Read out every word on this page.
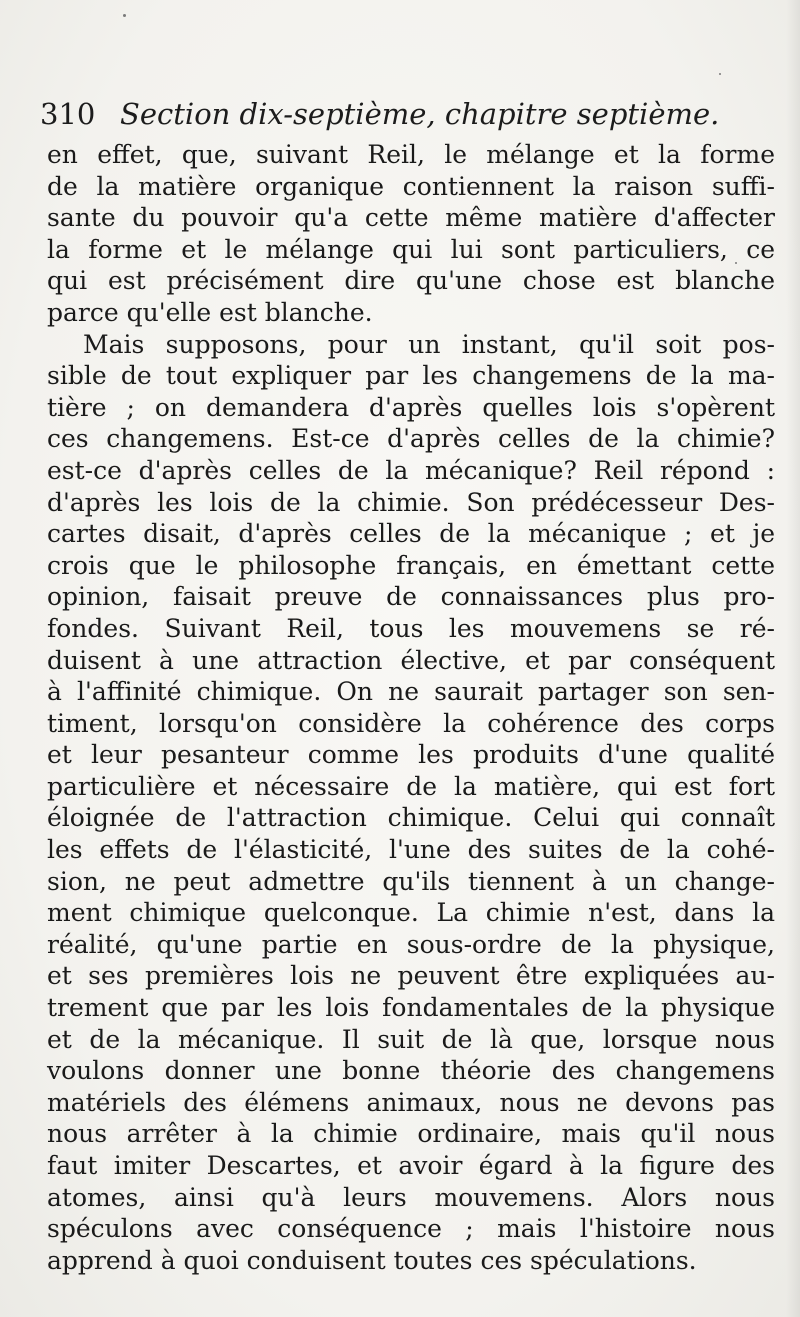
310 Section dix-septième, chapitre septième.
en effet, que, suivant Reil, le mélange et la forme
de la matière organique contiennent la raison suffi-
sante du pouvoir qu'a cette même matière d'affecter
la forme et le mélange qui lui sont particuliers, ce
qui est précisément dire qu'une chose est blanche
parce qu'elle est blanche.
Mais supposons, pour un instant, qu'il soit pos-
sible de tout expliquer par les changemens de la ma-
tière ; on demandera d'après quelles lois s'opèrent
ces changemens. Est-ce d'après celles de la chimie?
est-ce d'après celles de la mécanique? Reil répond :
d'après les lois de la chimie. Son prédécesseur Des-
cartes disait, d'après celles de la mécanique ; et je
crois que le philosophe français, en émettant cette
opinion, faisait preuve de connaissances plus pro-
fondes. Suivant Reil, tous les mouvemens se ré-
duisent à une attraction élective, et par conséquent
à l'affinité chimique. On ne saurait partager son sen-
timent, lorsqu'on considère la cohérence des corps
et leur pesanteur comme les produits d'une qualité
particulière et nécessaire de la matière, qui est fort
éloignée de l'attraction chimique. Celui qui connaît
les effets de l'élasticité, l'une des suites de la cohé-
sion, ne peut admettre qu'ils tiennent à un change-
ment chimique quelconque. La chimie n'est, dans la
réalité, qu'une partie en sous-ordre de la physique,
et ses premières lois ne peuvent être expliquées au-
trement que par les lois fondamentales de la physique
et de la mécanique. Il suit de là que, lorsque nous
voulons donner une bonne théorie des changemens
matériels des élémens animaux, nous ne devons pas
nous arrêter à la chimie ordinaire, mais qu'il nous
faut imiter Descartes, et avoir égard à la figure des
atomes, ainsi qu'à leurs mouvemens. Alors nous
spéculons avec conséquence ; mais l'histoire nous
apprend à quoi conduisent toutes ces spéculations.
